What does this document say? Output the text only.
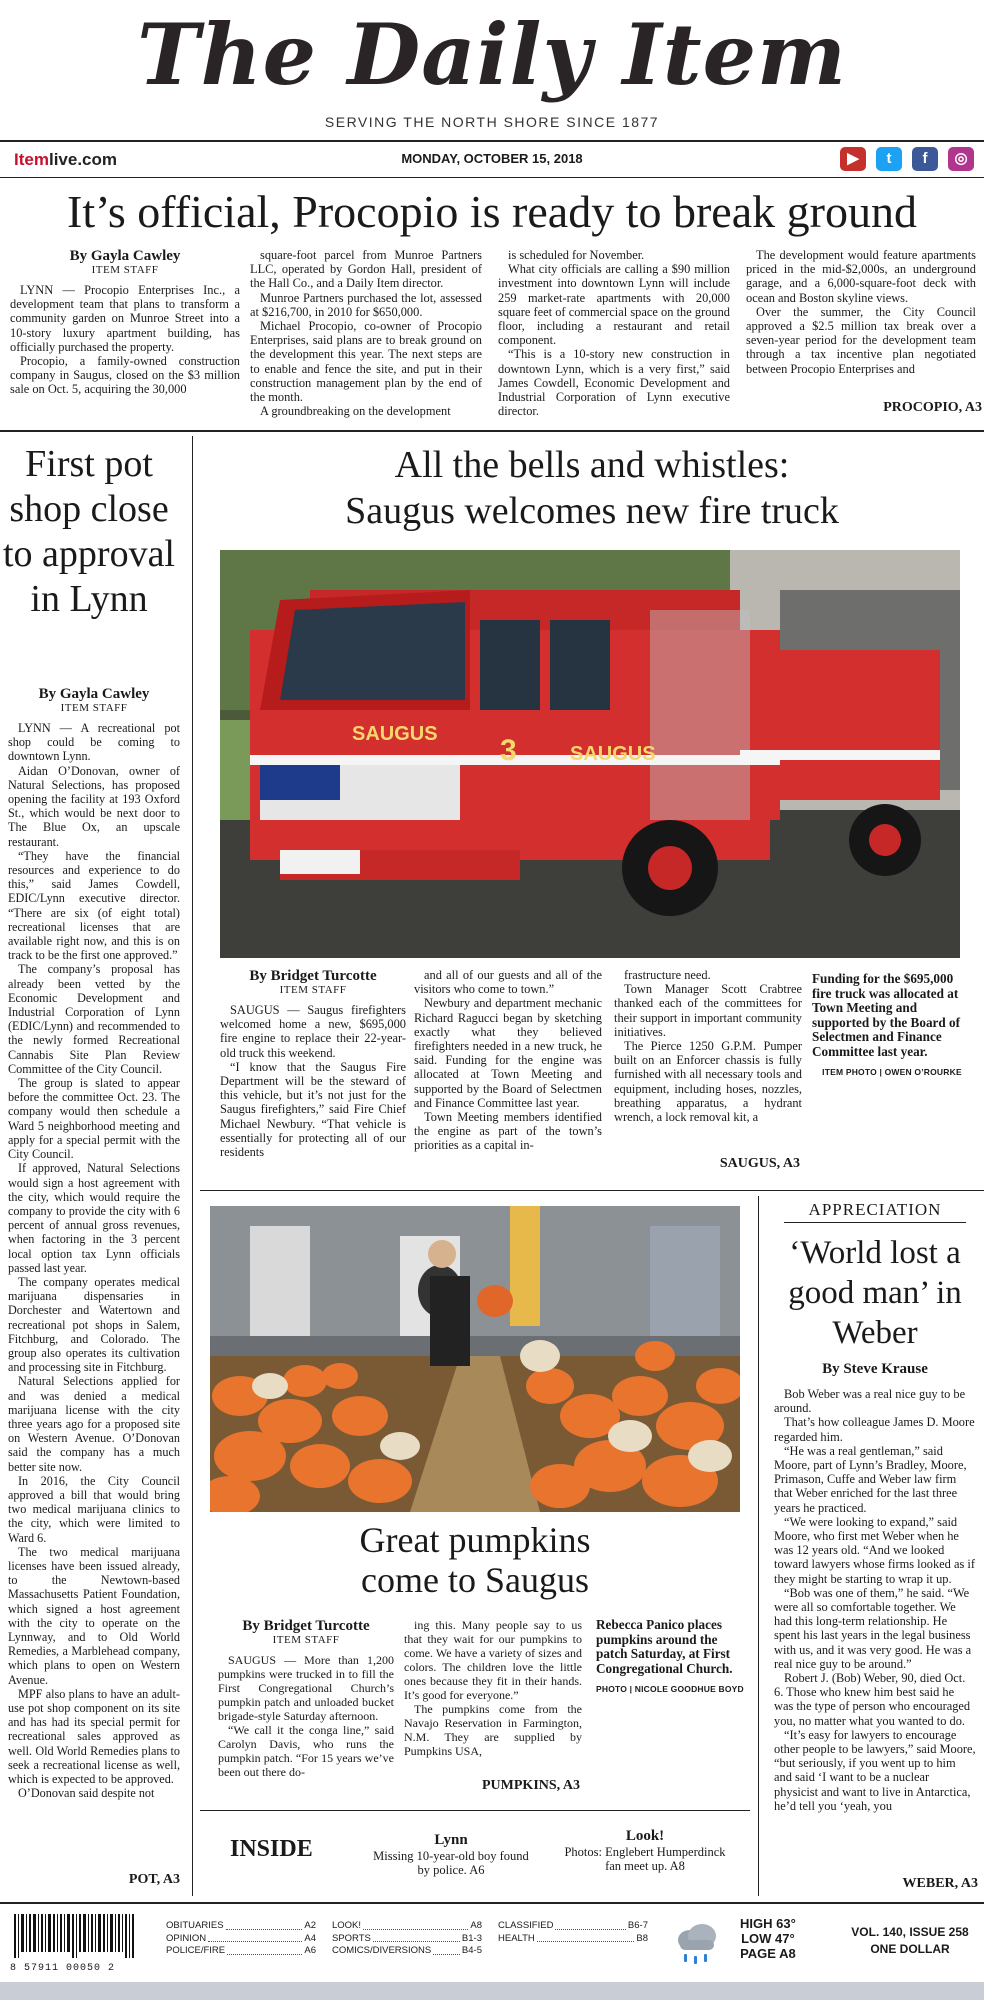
The Daily Item
SERVING THE NORTH SHORE SINCE 1877
Itemlive.com	MONDAY, OCTOBER 15, 2018	▶	t	f	◎
It’s official, Procopio is ready to break ground
By Gayla Cawley
ITEM STAFF

LYNN — Procopio Enterprises Inc., a development team that plans to transform a community garden on Munroe Street into a 10-story luxury apartment building, has officially purchased the property.

Procopio, a family-owned construction company in Saugus, closed on the $3 million sale on Oct. 5, acquiring the 30,000

square-foot parcel from Munroe Partners LLC, operated by Gordon Hall, president of the Hall Co., and a Daily Item director.

Munroe Partners purchased the lot, assessed at $216,700, in 2010 for $650,000.

Michael Procopio, co-owner of Procopio Enterprises, said plans are to break ground on the development this year. The next steps are to enable and fence the site, and put in their construction management plan by the end of the month.

A groundbreaking on the development

is scheduled for November.

What city officials are calling a $90 million investment into downtown Lynn will include 259 market-rate apartments with 20,000 square feet of commercial space on the ground floor, including a restaurant and retail component.

“This is a 10-story new construction in downtown Lynn, which is a very first,” said James Cowdell, Economic Development and Industrial Corporation of Lynn executive director.

The development would feature apartments priced in the mid-$2,000s, an underground garage, and a 6,000-square-foot deck with ocean and Boston skyline views.

Over the summer, the City Council approved a $2.5 million tax break over a seven-year period for the development team through a tax incentive plan negotiated between Procopio Enterprises and

PROCOPIO, A3
First pot shop close to approval in Lynn
By Gayla Cawley
ITEM STAFF

LYNN — A recreational pot shop could be coming to downtown Lynn.

Aidan O’Donovan, owner of Natural Selections, has proposed opening the facility at 193 Oxford St., which would be next door to The Blue Ox, an upscale restaurant.

“They have the financial resources and experience to do this,” said James Cowdell, EDIC/Lynn executive director. “There are six (of eight total) recreational licenses that are available right now, and this is on track to be the first one approved.”

The company’s proposal has already been vetted by the Economic Development and Industrial Corporation of Lynn (EDIC/Lynn) and recommended to the newly formed Recreational Cannabis Site Plan Review Committee of the City Council.

The group is slated to appear before the committee Oct. 23. The company would then schedule a Ward 5 neighborhood meeting and apply for a special permit with the City Council.

If approved, Natural Selections would sign a host agreement with the city, which would require the company to provide the city with 6 percent of annual gross revenues, when factoring in the 3 percent local option tax Lynn officials passed last year.

The company operates medical marijuana dispensaries in Dorchester and Watertown and recreational pot shops in Salem, Fitchburg, and Colorado. The group also operates its cultivation and processing site in Fitchburg.

Natural Selections applied for and was denied a medical marijuana license with the city three years ago for a proposed site on Western Avenue. O’Donovan said the company has a much better site now.

In 2016, the City Council approved a bill that would bring two medical marijuana clinics to the city, which were limited to Ward 6.

The two medical marijuana licenses have been issued already, to the Newtown-based Massachusetts Patient Foundation, which signed a host agreement with the city to operate on the Lynnway, and to Old World Remedies, a Marblehead company, which plans to open on Western Avenue.

MPF also plans to have an adult-use pot shop component on its site and has had its special permit for recreational sales approved as well. Old World Remedies plans to seek a recreational license as well, which is expected to be approved.

O’Donovan said despite not

POT, A3
All the bells and whistles:
Saugus welcomes new fire truck
SAUGUS
SAUGUS
3
By Bridget Turcotte
ITEM STAFF

SAUGUS — Saugus firefighters welcomed home a new, $695,000 fire engine to replace their 22-year-old truck this weekend.

“I know that the Saugus Fire Department will be the steward of this vehicle, but it’s not just for the Saugus firefighters,” said Fire Chief Michael Newbury. “That vehicle is essentially for protecting all of our residents

and all of our guests and all of the visitors who come to town.”

Newbury and department mechanic Richard Ragucci began by sketching exactly what they believed firefighters needed in a new truck, he said. Funding for the engine was allocated at Town Meeting and supported by the Board of Selectmen and Finance Committee last year.

Town Meeting members identified the engine as part of the town’s priorities as a capital in-

frastructure need.

Town Manager Scott Crabtree thanked each of the committees for their support in important community initiatives.

The Pierce 1250 G.P.M. Pumper built on an Enforcer chassis is fully furnished with all necessary tools and equipment, including hoses, nozzles, breathing apparatus, a hydrant wrench, a lock removal kit, a

SAUGUS, A3
Funding for the $695,000 fire truck was allocated at Town Meeting and supported by the Board of Selectmen and Finance Committee last year.
ITEM PHOTO | OWEN O’ROURKE
Great pumpkins
come to Saugus
By Bridget Turcotte
ITEM STAFF

SAUGUS — More than 1,200 pumpkins were trucked in to fill the First Congregational Church’s pumpkin patch and unloaded bucket brigade-style Saturday afternoon.

“We call it the conga line,” said Carolyn Davis, who runs the pumpkin patch. “For 15 years we’ve been out there do-

ing this. Many people say to us that they wait for our pumpkins to come. We have a variety of sizes and colors. The children love the little ones because they fit in their hands. It’s good for everyone.”

The pumpkins come from the Navajo Reservation in Farmington, N.M. They are supplied by Pumpkins USA,

PUMPKINS, A3
Rebecca Panico places pumpkins around the patch Saturday, at First Congregational Church.
PHOTO | NICOLE GOODHUE BOYD
INSIDE	Lynn
Missing 10-year-old boy found by police. A6
Look!
Photos: Englebert Humperdinck fan meet up. A8
APPRECIATION
‘World lost a good man’ in Weber
By Steve Krause

Bob Weber was a real nice guy to be around.

That’s how colleague James D. Moore regarded him.

“He was a real gentleman,” said Moore, part of Lynn’s Bradley, Moore, Primason, Cuffe and Weber law firm that Weber enriched for the last three years he practiced.

“We were looking to expand,” said Moore, who first met Weber when he was 12 years old. “And we looked toward lawyers whose firms looked as if they might be starting to wrap it up.

“Bob was one of them,” he said. “We were all so comfortable together. We had this long-term relationship. He spent his last years in the legal business with us, and it was very good. He was a real nice guy to be around.”

Robert J. (Bob) Weber, 90, died Oct. 6. Those who knew him best said he was the type of person who encouraged you, no matter what you wanted to do.

“It’s easy for lawyers to encourage other people to be lawyers,” said Moore, “but seriously, if you went up to him and said ‘I want to be a nuclear physicist and want to live in Antarctica, he’d tell you ‘yeah, you

WEBER, A3
8 57911 00050 2
OBITUARIES	A2
OPINION	A4
POLICE/FIRE	A6
LOOK!	A8
SPORTS	B1-3
COMICS/DIVERSIONS	B4-5
CLASSIFIED	B6-7
HEALTH	B8
HIGH 63°
LOW 47°
PAGE A8
VOL. 140, ISSUE 258
ONE DOLLAR
